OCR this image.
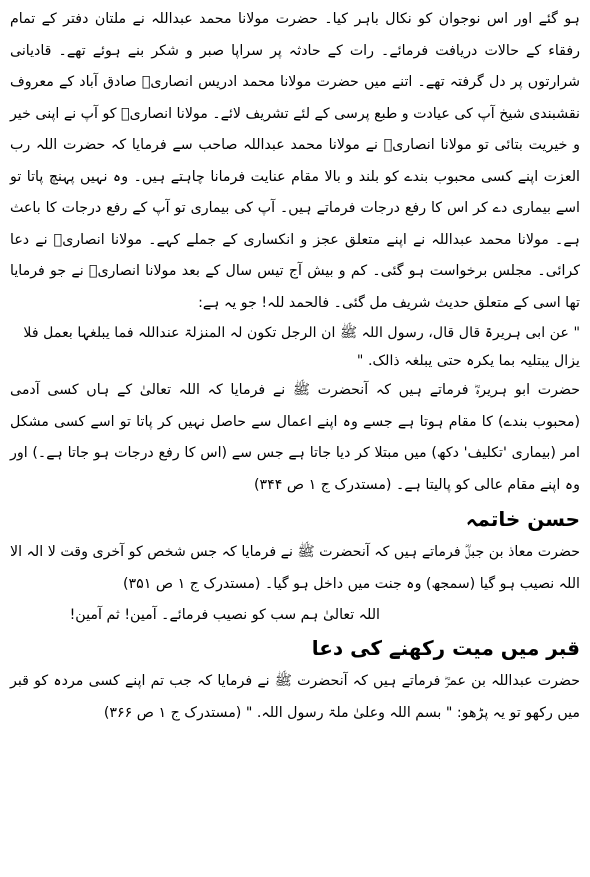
ہو گئے اور اس نوجوان کو نکال باہر کیا۔ حضرت مولانا محمد عبداللہ نے ملتان دفتر کے تمام رفقاء کے حالات دریافت فرمائے۔ رات کے حادثہ پر سراپا صبر و شکر بنے ہوئے تھے۔ قادیانی شرارتوں پر دل گرفتہ تھے۔ اتنے میں حضرت مولانا محمد ادریس انصاریؒ صادق آباد کے معروف نقشبندی شیخ آپ کی عیادت و طبع پرسی کے لئے تشریف لائے۔ مولانا انصاریؒ کو آپ نے اپنی خیر و خیریت بتائی تو مولانا انصاریؒ نے مولانا محمد عبداللہ صاحب سے فرمایا کہ حضرت اللہ رب العزت اپنے کسی محبوب بندے کو بلند و بالا مقام عنایت فرمانا چاہتے ہیں۔ وہ نہیں پہنچ پاتا تو اسے بیماری دے کر اس کا رفع درجات فرماتے ہیں۔ آپ کی بیماری تو آپ کے رفع درجات کا باعث ہے۔ مولانا محمد عبداللہ نے اپنے متعلق عجز و انکساری کے جملے کہے۔ مولانا انصاریؒ نے دعا کرائی۔ مجلس برخواست ہو گئی۔ کم و بیش آج تیس سال کے بعد مولانا انصاریؒ نے جو فرمایا تھا اسی کے متعلق حدیث شریف مل گئی۔ فالحمد للہ! جو یہ ہے:

" عن ابی ہریرۃ قال قال، رسول اللہ ﷺ ان الرجل تکون لہ المنزلۃ عنداللہ فما یبلغہا بعمل فلا یزال یبتلیہ بما یکرہ حتی یبلغہ ذالک. "

حضرت ابو ہریرہؓ فرماتے ہیں کہ آنحضرت ﷺ نے فرمایا کہ اللہ تعالیٰ کے ہاں کسی آدمی (محبوب بندے) کا مقام ہوتا ہے جسے وہ اپنے اعمال سے حاصل نہیں کر پاتا تو اسے کسی مشکل امر (بیماری 'تکلیف' دکھ) میں مبتلا کر دیا جاتا ہے جس سے (اس کا رفع درجات ہو جاتا ہے۔) اور وہ اپنے مقام عالی کو پالیتا ہے۔ (مستدرک ج ۱ ص ۳۴۴)

حسن خاتمہ

حضرت معاذ بن جبلؓ فرماتے ہیں کہ آنحضرت ﷺ نے فرمایا کہ جس شخص کو آخری وقت لا الہ الا اللہ نصیب ہو گیا (سمجھ) وہ جنت میں داخل ہو گیا۔ (مستدرک ج ۱ ص ۳۵۱)

اللہ تعالیٰ ہم سب کو نصیب فرمائے۔ آمین! ثم آمین!

قبر میں میت رکھنے کی دعا

حضرت عبداللہ بن عمرؓ فرماتے ہیں کہ آنحضرت ﷺ نے فرمایا کہ جب تم اپنے کسی مردہ کو قبر میں رکھو تو یہ پڑھو: " بسم اللہ وعلیٰ ملۃ رسول اللہ. " (مستدرک ج ۱ ص ۳۶۶)
